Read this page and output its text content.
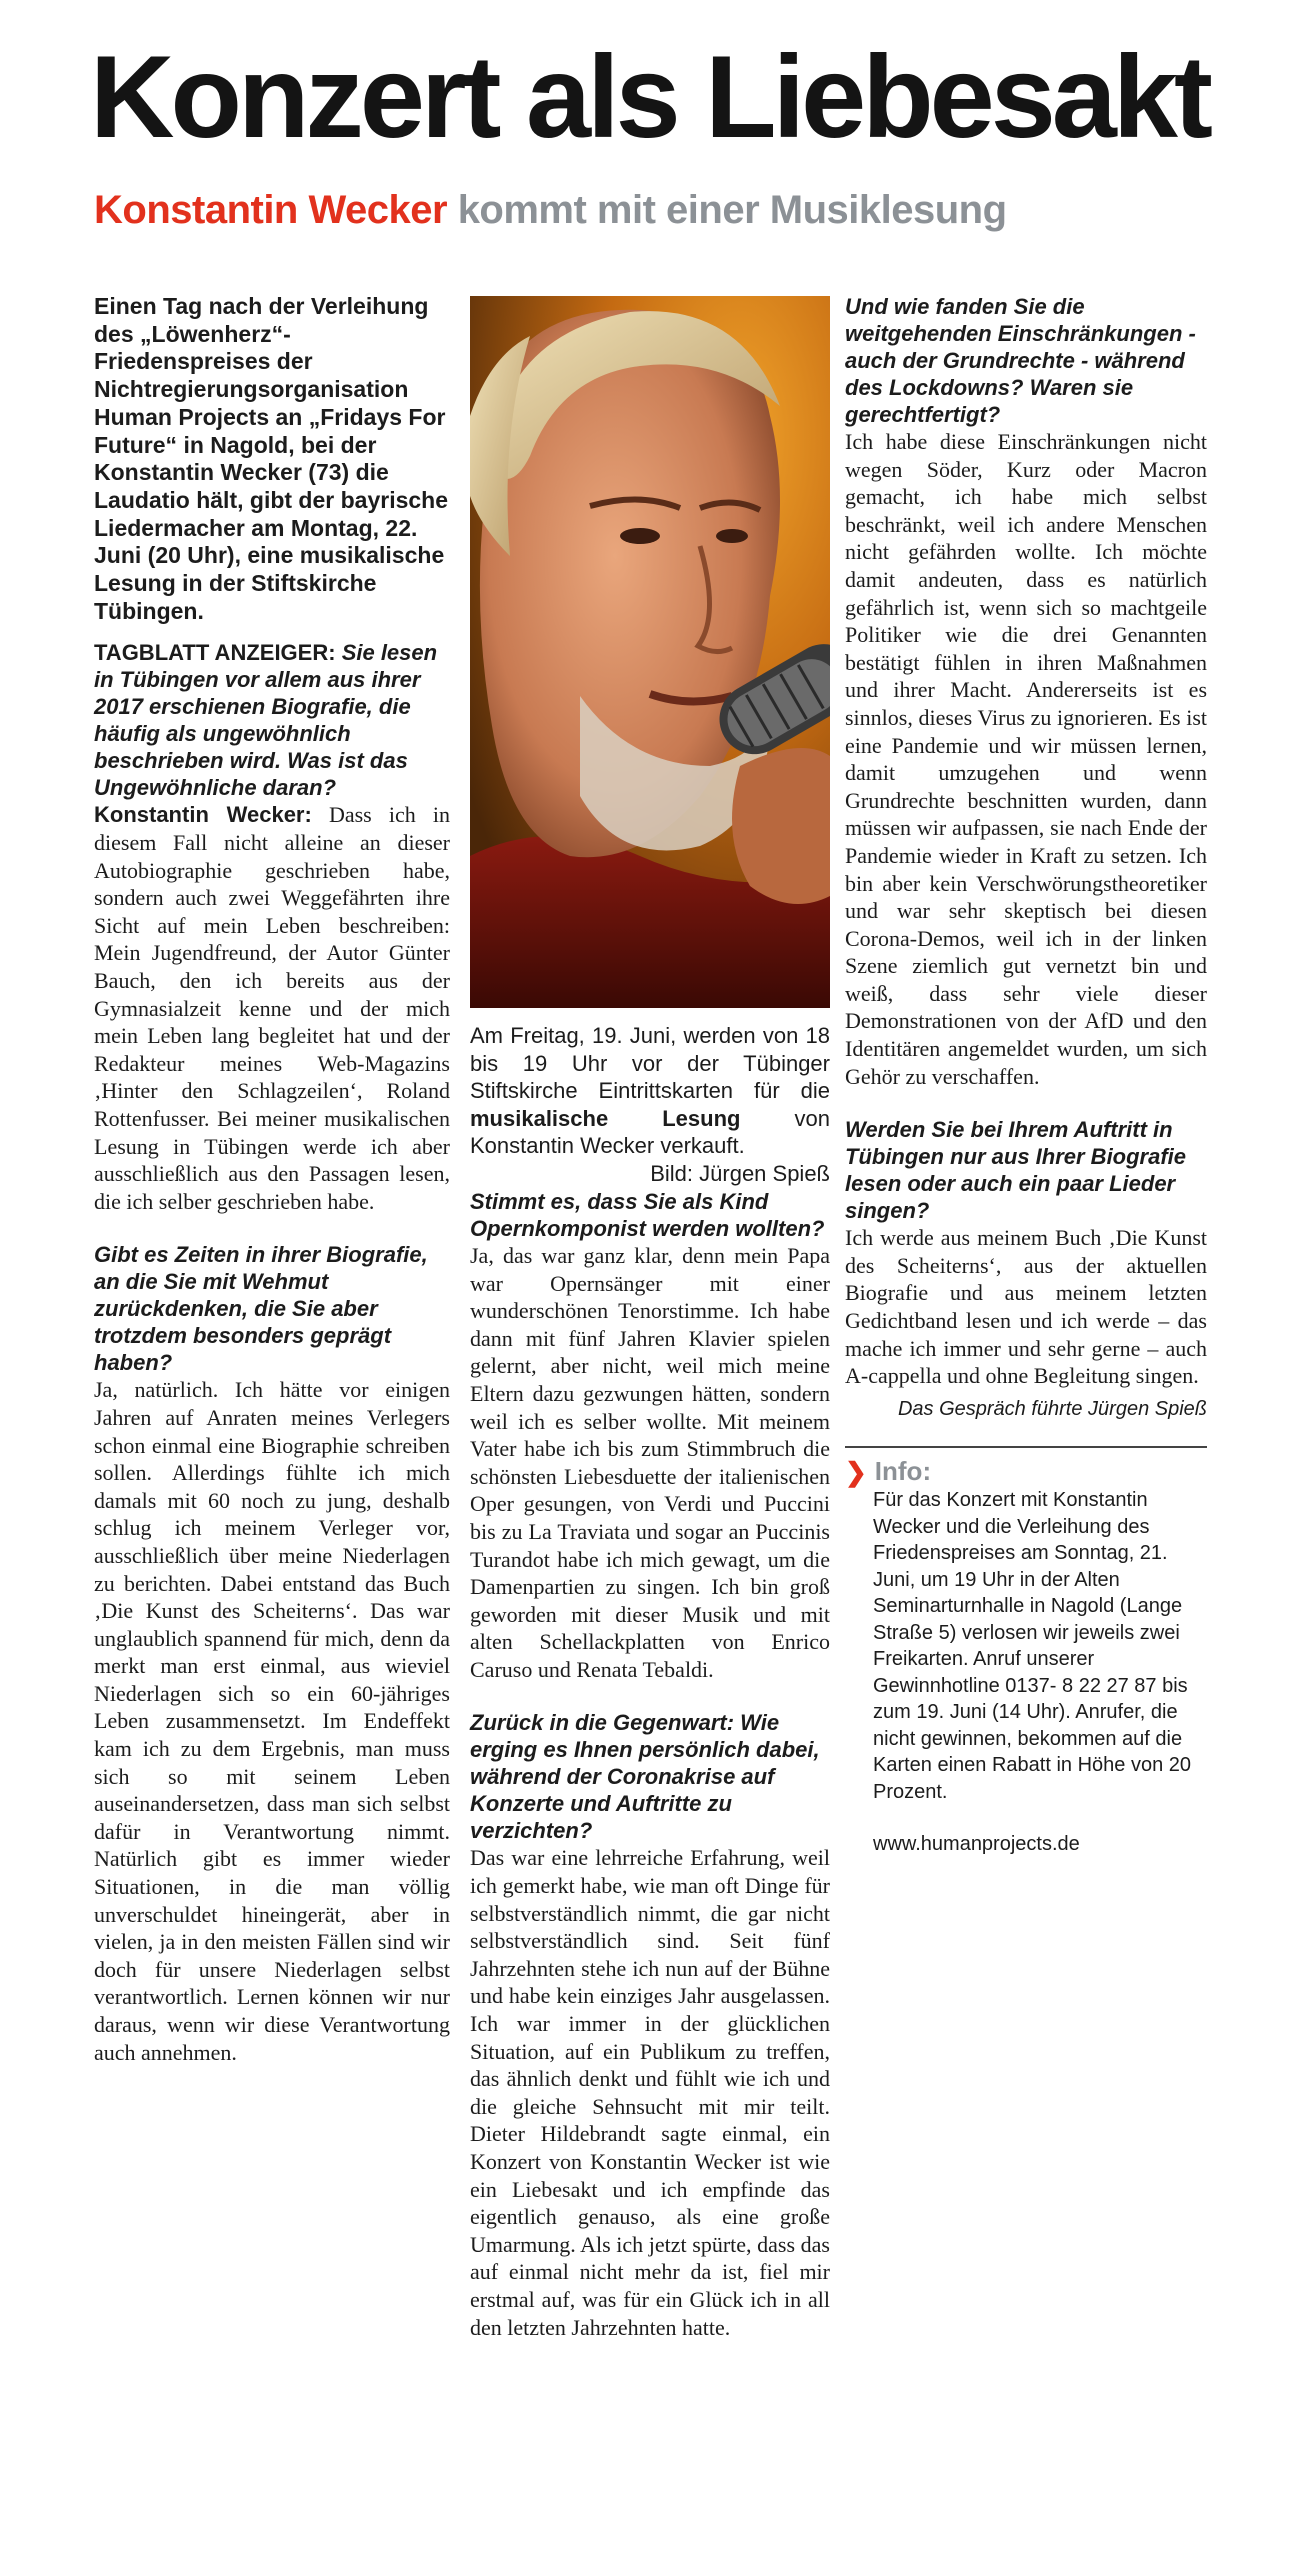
Konzert als Liebesakt
Konstantin Wecker kommt mit einer Musiklesung

Einen Tag nach der Verleihung des „Löwenherz“-Friedenspreises der Nichtregierungsorganisation Human Projects an „Fridays For Future“ in Nagold, bei der Konstantin Wecker (73) die Laudatio hält, gibt der bayrische Liedermacher am Montag, 22. Juni (20 Uhr), eine musikalische Lesung in der Stiftskirche Tübingen.

TAGBLATT ANZEIGER: Sie lesen in Tübingen vor allem aus ihrer 2017 erschienen Biografie, die häufig als ungewöhnlich beschrieben wird. Was ist das Ungewöhnliche daran?

Konstantin Wecker: Dass ich in diesem Fall nicht alleine an dieser Autobiographie geschrieben habe, sondern auch zwei Weggefährten ihre Sicht auf mein Leben beschreiben: Mein Jugendfreund, der Autor Günter Bauch, den ich bereits aus der Gymnasialzeit kenne und der mich mein Leben lang begleitet hat und der Redakteur meines Web-Magazins ‚Hinter den Schlagzeilen‘, Roland Rottenfusser. Bei meiner musikalischen Lesung in Tübingen werde ich aber ausschließlich aus den Passagen lesen, die ich selber geschrieben habe.

Gibt es Zeiten in ihrer Biografie, an die Sie mit Wehmut zurückdenken, die Sie aber trotzdem besonders geprägt haben?

Ja, natürlich. Ich hätte vor einigen Jahren auf Anraten meines Verlegers schon einmal eine Biographie schreiben sollen. Allerdings fühlte ich mich damals mit 60 noch zu jung, deshalb schlug ich meinem Verleger vor, ausschließlich über meine Niederlagen zu berichten. Dabei entstand das Buch ‚Die Kunst des Scheiterns‘. Das war unglaublich spannend für mich, denn da merkt man erst einmal, aus wieviel Niederlagen sich so ein 60-jähriges Leben zusammensetzt. Im Endeffekt kam ich zu dem Ergebnis, man muss sich so mit seinem Leben auseinandersetzen, dass man sich selbst dafür in Verantwortung nimmt. Natürlich gibt es immer wieder Situationen, in die man völlig unverschuldet hineingerät, aber in vielen, ja in den meisten Fällen sind wir doch für unsere Niederlagen selbst verantwortlich. Lernen können wir nur daraus, wenn wir diese Verantwortung auch annehmen.

Am Freitag, 19. Juni, werden von 18 bis 19 Uhr vor der Tübinger Stiftskirche Eintrittskarten für die musikalische Lesung von Konstantin Wecker verkauft.
Bild: Jürgen Spieß

Stimmt es, dass Sie als Kind Opernkomponist werden wollten?

Ja, das war ganz klar, denn mein Papa war Opernsänger mit einer wunderschönen Tenorstimme. Ich habe dann mit fünf Jahren Klavier spielen gelernt, aber nicht, weil mich meine Eltern dazu gezwungen hätten, sondern weil ich es selber wollte. Mit meinem Vater habe ich bis zum Stimmbruch die schönsten Liebesduette der italienischen Oper gesungen, von Verdi und Puccini bis zu La Traviata und sogar an Puccinis Turandot habe ich mich gewagt, um die Damenpartien zu singen. Ich bin groß geworden mit dieser Musik und mit alten Schellackplatten von Enrico Caruso und Renata Tebaldi.

Zurück in die Gegenwart: Wie erging es Ihnen persönlich dabei, während der Coronakrise auf Konzerte und Auftritte zu verzichten?

Das war eine lehrreiche Erfahrung, weil ich gemerkt habe, wie man oft Dinge für selbstverständlich nimmt, die gar nicht selbstverständlich sind. Seit fünf Jahrzehnten stehe ich nun auf der Bühne und habe kein einziges Jahr ausgelassen. Ich war immer in der glücklichen Situation, auf ein Publikum zu treffen, das ähnlich denkt und fühlt wie ich und die gleiche Sehnsucht mit mir teilt. Dieter Hildebrandt sagte einmal, ein Konzert von Konstantin Wecker ist wie ein Liebesakt und ich empfinde das eigentlich genauso, als eine große Umarmung. Als ich jetzt spürte, dass das auf einmal nicht mehr da ist, fiel mir erstmal auf, was für ein Glück ich in all den letzten Jahrzehnten hatte.

Und wie fanden Sie die weitgehenden Einschränkungen - auch der Grundrechte - während des Lockdowns? Waren sie gerechtfertigt?

Ich habe diese Einschränkungen nicht wegen Söder, Kurz oder Macron gemacht, ich habe mich selbst beschränkt, weil ich andere Menschen nicht gefährden wollte. Ich möchte damit andeuten, dass es natürlich gefährlich ist, wenn sich so machtgeile Politiker wie die drei Genannten bestätigt fühlen in ihren Maßnahmen und ihrer Macht. Andererseits ist es sinnlos, dieses Virus zu ignorieren. Es ist eine Pandemie und wir müssen lernen, damit umzugehen und wenn Grundrechte beschnitten wurden, dann müssen wir aufpassen, sie nach Ende der Pandemie wieder in Kraft zu setzen. Ich bin aber kein Verschwörungstheoretiker und war sehr skeptisch bei diesen Corona-Demos, weil ich in der linken Szene ziemlich gut vernetzt bin und weiß, dass sehr viele dieser Demonstrationen von der AfD und den Identitären angemeldet wurden, um sich Gehör zu verschaffen.

Werden Sie bei Ihrem Auftritt in Tübingen nur aus Ihrer Biografie lesen oder auch ein paar Lieder singen?

Ich werde aus meinem Buch ‚Die Kunst des Scheiterns‘, aus der aktuellen Biografie und aus meinem letzten Gedichtband lesen und ich werde – das mache ich immer und sehr gerne – auch A-cappella und ohne Begleitung singen.

Das Gespräch führte Jürgen Spieß

❯ Info:

Für das Konzert mit Konstantin Wecker und die Verleihung des Friedenspreises am Sonntag, 21. Juni, um 19 Uhr in der Alten Seminarturnhalle in Nagold (Lange Straße 5) verlosen wir jeweils zwei Freikarten. Anruf unserer Gewinnhotline 0137- 8 22 27 87 bis zum 19. Juni (14 Uhr). Anrufer, die nicht gewinnen, bekommen auf die Karten einen Rabatt in Höhe von 20 Prozent.

www.humanprojects.de
